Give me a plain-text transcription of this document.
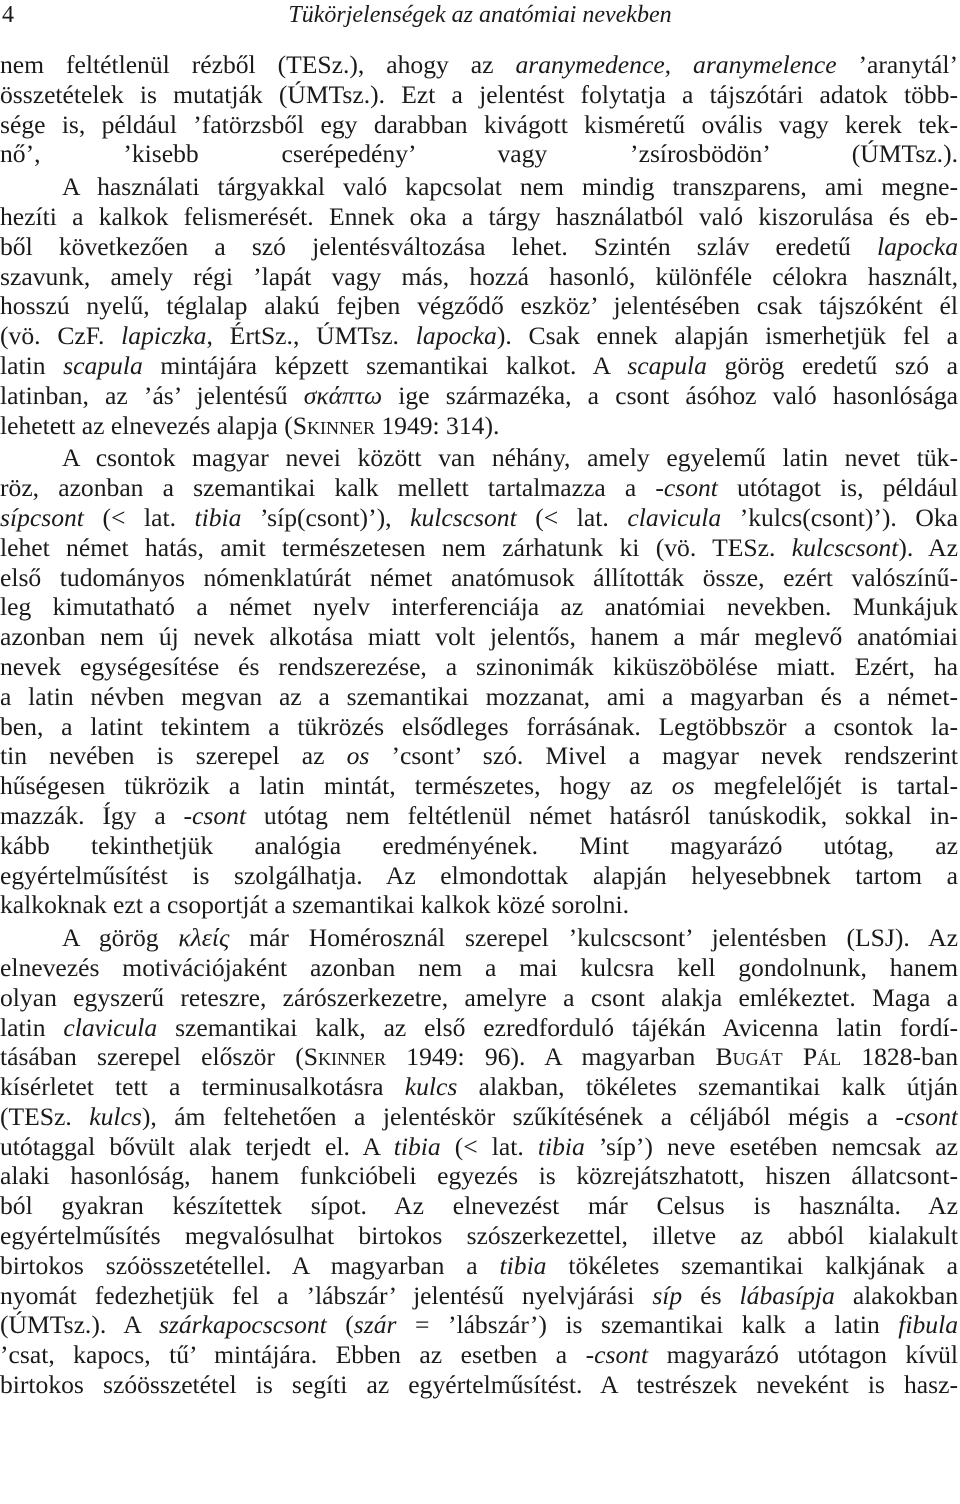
4	Tükörjelenségek az anatómiai nevekben
nem feltétlenül rézből (TESz.), ahogy az aranymedence, aranymelence ’aranytál’
összetételek is mutatják (ÚMTsz.). Ezt a jelentést folytatja a tájszótári adatok több-
sége is, például ’fatörzsből egy darabban kivágott kisméretű ovális vagy kerek tek-
nő’, ’kisebb cserépedény’ vagy ’zsírosbödön’ (ÚMTsz.).
A használati tárgyakkal való kapcsolat nem mindig transzparens, ami megne-
hezíti a kalkok felismerését. Ennek oka a tárgy használatból való kiszorulása és eb-
ből következően a szó jelentésváltozása lehet. Szintén szláv eredetű lapocka
szavunk, amely régi ’lapát vagy más, hozzá hasonló, különféle célokra használt,
hosszú nyelű, téglalap alakú fejben végződő eszköz’ jelentésében csak tájszóként él
(vö. CzF. lapiczka, ÉrtSz., ÚMTsz. lapocka). Csak ennek alapján ismerhetjük fel a
latin scapula mintájára képzett szemantikai kalkot. A scapula görög eredetű szó a
latinban, az ’ás’ jelentésű σκάπτω ige származéka, a csont ásóhoz való hasonlósága
lehetett az elnevezés alapja (Skinner 1949: 314).
A csontok magyar nevei között van néhány, amely egyelemű latin nevet tük-
röz, azonban a szemantikai kalk mellett tartalmazza a -csont utótagot is, például
sípcsont (< lat. tibia ’síp(csont)’), kulcscsont (< lat. clavicula ’kulcs(csont)’). Oka
lehet német hatás, amit természetesen nem zárhatunk ki (vö. TESz. kulcscsont). Az
első tudományos nómenklatúrát német anatómusok állították össze, ezért valószínű-
leg kimutatható a német nyelv interferenciája az anatómiai nevekben. Munkájuk
azonban nem új nevek alkotása miatt volt jelentős, hanem a már meglevő anatómiai
nevek egységesítése és rendszerezése, a szinonimák kiküszöbölése miatt. Ezért, ha
a latin névben megvan az a szemantikai mozzanat, ami a magyarban és a német-
ben, a latint tekintem a tükrözés elsődleges forrásának. Legtöbbször a csontok la-
tin nevében is szerepel az os ’csont’ szó. Mivel a magyar nevek rendszerint
hűségesen tükrözik a latin mintát, természetes, hogy az os megfelelőjét is tartal-
mazzák. Így a -csont utótag nem feltétlenül német hatásról tanúskodik, sokkal in-
kább tekinthetjük analógia eredményének. Mint magyarázó utótag, az
egyértelműsítést is szolgálhatja. Az elmondottak alapján helyesebbnek tartom a
kalkoknak ezt a csoportját a szemantikai kalkok közé sorolni.
A görög κλείς már Homérosznál szerepel ’kulcscsont’ jelentésben (LSJ). Az
elnevezés motivációjaként azonban nem a mai kulcsra kell gondolnunk, hanem
olyan egyszerű reteszre, zárószerkezetre, amelyre a csont alakja emlékeztet. Maga a
latin clavicula szemantikai kalk, az első ezredforduló tájékán Avicenna latin fordí-
tásában szerepel először (Skinner 1949: 96). A magyarban Bugát Pál 1828-ban
kísérletet tett a terminusalkotásra kulcs alakban, tökéletes szemantikai kalk útján
(TESz. kulcs), ám feltehetően a jelentéskör szűkítésének a céljából mégis a -csont
utótaggal bővült alak terjedt el. A tibia (< lat. tibia ’síp’) neve esetében nemcsak az
alaki hasonlóság, hanem funkcióbeli egyezés is közrejátszhatott, hiszen állatcsont-
ból gyakran készítettek sípot. Az elnevezést már Celsus is használta. Az
egyértelműsítés megvalósulhat birtokos szószerkezettel, illetve az abból kialakult
birtokos szóösszetétellel. A magyarban a tibia tökéletes szemantikai kalkjának a
nyomát fedezhetjük fel a ’lábszár’ jelentésű nyelvjárási síp és lábasípja alakokban
(ÚMTsz.). A szárkapocscsont (szár = ’lábszár’) is szemantikai kalk a latin fibula
’csat, kapocs, tű’ mintájára. Ebben az esetben a -csont magyarázó utótagon kívül
birtokos szóösszetétel is segíti az egyértelműsítést. A testrészek neveként is hasz-
